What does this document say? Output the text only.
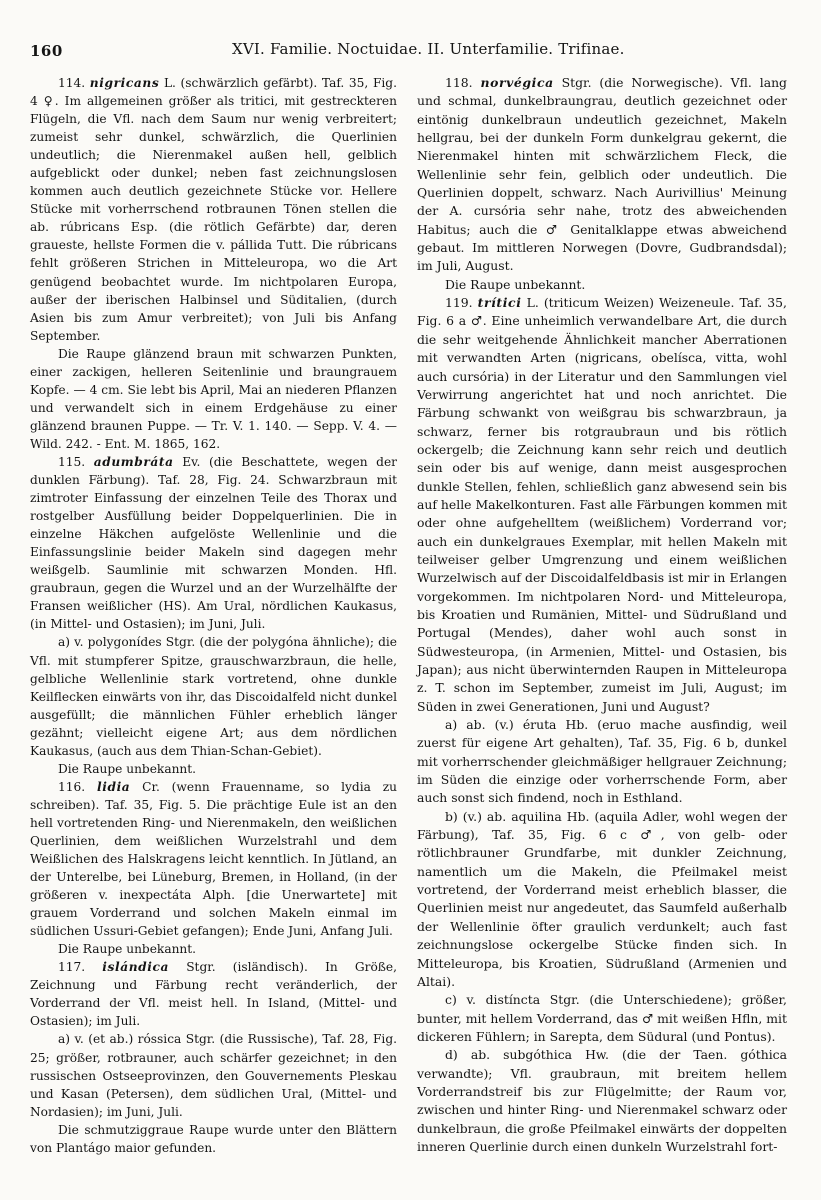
160	XVI. Familie. Noctuidae. II. Unterfamilie. Trifinae.

114. nigricans L. (schwärzlich gefärbt). Taf. 35, Fig. 4 ♀. Im allgemeinen größer als tritici, mit gestreckteren Flügeln, die Vfl. nach dem Saum nur wenig verbreitert; zumeist sehr dunkel, schwärzlich, die Querlinien undeutlich; die Nierenmakel außen hell, gelblich aufgeblickt oder dunkel; neben fast zeichnungslosen kommen auch deutlich gezeichnete Stücke vor. Hellere Stücke mit vorherrschend rotbraunen Tönen stellen die ab. rúbricans Esp. (die rötlich Gefärbte) dar, deren graueste, hellste Formen die v. pállida Tutt. Die rúbricans fehlt größeren Strichen in Mitteleuropa, wo die Art genügend beobachtet wurde. Im nichtpolaren Europa, außer der iberischen Halbinsel und Süditalien, (durch Asien bis zum Amur verbreitet); von Juli bis Anfang September.

Die Raupe glänzend braun mit schwarzen Punkten, einer zackigen, helleren Seitenlinie und braungrauem Kopfe. — 4 cm. Sie lebt bis April, Mai an niederen Pflanzen und verwandelt sich in einem Erdgehäuse zu einer glänzend braunen Puppe. — Tr. V. 1. 140. — Sepp. V. 4. — Wild. 242. - Ent. M. 1865, 162.

115. adumbráta Ev. (die Beschattete, wegen der dunklen Färbung). Taf. 28, Fig. 24. Schwarzbraun mit zimtroter Einfassung der einzelnen Teile des Thorax und rostgelber Ausfüllung beider Doppelquerlinien. Die in einzelne Häkchen aufgelöste Wellenlinie und die Einfassungslinie beider Makeln sind dagegen mehr weißgelb. Saumlinie mit schwarzen Monden. Hfl. graubraun, gegen die Wurzel und an der Wurzelhälfte der Fransen weißlicher (HS). Am Ural, nördlichen Kaukasus, (in Mittel- und Ostasien); im Juni, Juli.

a) v. polygonídes Stgr. (die der polygóna ähnliche); die Vfl. mit stumpferer Spitze, grauschwarzbraun, die helle, gelbliche Wellenlinie stark vortretend, ohne dunkle Keilflecken einwärts von ihr, das Discoidalfeld nicht dunkel ausgefüllt; die männlichen Fühler erheblich länger gezähnt; vielleicht eigene Art; aus dem nördlichen Kaukasus, (auch aus dem Thian-Schan-Gebiet).

Die Raupe unbekannt.

116. lidia Cr. (wenn Frauenname, so lydia zu schreiben). Taf. 35, Fig. 5. Die prächtige Eule ist an den hell vortretenden Ring- und Nierenmakeln, den weißlichen Querlinien, dem weißlichen Wurzelstrahl und dem Weißlichen des Halskragens leicht kenntlich. In Jütland, an der Unterelbe, bei Lüneburg, Bremen, in Holland, (in der größeren v. inexpectáta Alph. [die Unerwartete] mit grauem Vorderrand und solchen Makeln einmal im südlichen Ussuri-Gebiet gefangen); Ende Juni, Anfang Juli.

Die Raupe unbekannt.

117. islándica Stgr. (isländisch). In Größe, Zeichnung und Färbung recht veränderlich, der Vorderrand der Vfl. meist hell. In Island, (Mittel- und Ostasien); im Juli.

a) v. (et ab.) róssica Stgr. (die Russische), Taf. 28, Fig. 25; größer, rotbrauner, auch schärfer gezeichnet; in den russischen Ostseeprovinzen, den Gouvernements Pleskau und Kasan (Petersen), dem südlichen Ural, (Mittel- und Nordasien); im Juni, Juli.

Die schmutziggraue Raupe wurde unter den Blättern von Plantágo maior gefunden.

118. norvégica Stgr. (die Norwegische). Vfl. lang und schmal, dunkelbraungrau, deutlich gezeichnet oder eintönig dunkelbraun undeutlich gezeichnet, Makeln hellgrau, bei der dunkeln Form dunkelgrau gekernt, die Nierenmakel hinten mit schwärzlichem Fleck, die Wellenlinie sehr fein, gelblich oder undeutlich. Die Querlinien doppelt, schwarz. Nach Aurivillius' Meinung der A. cursória sehr nahe, trotz des abweichenden Habitus; auch die ♂ Genitalklappe etwas abweichend gebaut. Im mittleren Norwegen (Dovre, Gudbrandsdal); im Juli, August.

Die Raupe unbekannt.

119. trítici L. (triticum Weizen) Weizeneule. Taf. 35, Fig. 6 a ♂. Eine unheimlich verwandelbare Art, die durch die sehr weitgehende Ähnlichkeit mancher Aberrationen mit verwandten Arten (nigricans, obelísca, vitta, wohl auch cursória) in der Literatur und den Sammlungen viel Verwirrung angerichtet hat und noch anrichtet. Die Färbung schwankt von weißgrau bis schwarzbraun, ja schwarz, ferner bis rotgraubraun und bis rötlich ockergelb; die Zeichnung kann sehr reich und deutlich sein oder bis auf wenige, dann meist ausgesprochen dunkle Stellen, fehlen, schließlich ganz abwesend sein bis auf helle Makelkonturen. Fast alle Färbungen kommen mit oder ohne aufgehelltem (weißlichem) Vorderrand vor; auch ein dunkelgraues Exemplar, mit hellen Makeln mit teilweiser gelber Umgrenzung und einem weißlichen Wurzelwisch auf der Discoidalfeldbasis ist mir in Erlangen vorgekommen. Im nichtpolaren Nord- und Mitteleuropa, bis Kroatien und Rumänien, Mittel- und Südrußland und Portugal (Mendes), daher wohl auch sonst in Südwesteuropa, (in Armenien, Mittel- und Ostasien, bis Japan); aus nicht überwinternden Raupen in Mitteleuropa z. T. schon im September, zumeist im Juli, August; im Süden in zwei Generationen, Juni und August?

a) ab. (v.) éruta Hb. (eruo mache ausfindig, weil zuerst für eigene Art gehalten), Taf. 35, Fig. 6 b, dunkel mit vorherrschender gleichmäßiger hellgrauer Zeichnung; im Süden die einzige oder vorherrschende Form, aber auch sonst sich findend, noch in Esthland.

b) (v.) ab. aquilina Hb. (aquila Adler, wohl wegen der Färbung), Taf. 35, Fig. 6 c ♂, von gelb- oder rötlichbrauner Grundfarbe, mit dunkler Zeichnung, namentlich um die Makeln, die Pfeilmakel meist vortretend, der Vorderrand meist erheblich blasser, die Querlinien meist nur angedeutet, das Saumfeld außerhalb der Wellenlinie öfter graulich verdunkelt; auch fast zeichnungslose ockergelbe Stücke finden sich. In Mitteleuropa, bis Kroatien, Südrußland (Armenien und Altai).

c) v. distíncta Stgr. (die Unterschiedene); größer, bunter, mit hellem Vorderrand, das ♂ mit weißen Hfln, mit dickeren Fühlern; in Sarepta, dem Südural (und Pontus).

d) ab. subgóthica Hw. (die der Taen. góthica verwandte); Vfl. graubraun, mit breitem hellem Vorderrandstreif bis zur Flügelmitte; der Raum vor, zwischen und hinter Ring- und Nierenmakel schwarz oder dunkelbraun, die große Pfeilmakel einwärts der doppelten inneren Querlinie durch einen dunkeln Wurzelstrahl fort-
